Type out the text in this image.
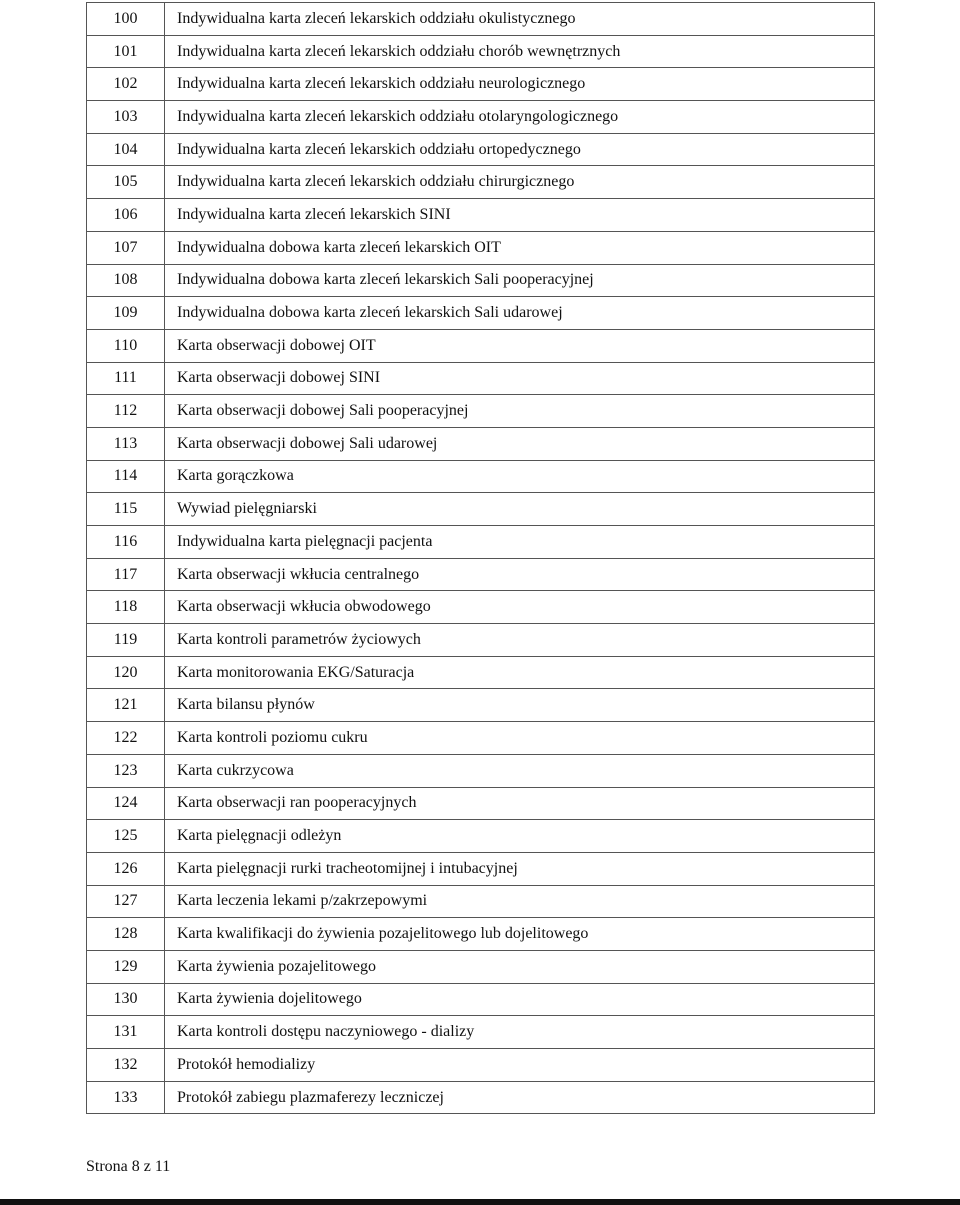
100	Indywidualna karta zleceń lekarskich oddziału okulistycznego
101	Indywidualna karta zleceń lekarskich oddziału chorób wewnętrznych
102	Indywidualna karta zleceń lekarskich oddziału neurologicznego
103	Indywidualna karta zleceń lekarskich oddziału otolaryngologicznego
104	Indywidualna karta zleceń lekarskich oddziału ortopedycznego
105	Indywidualna karta zleceń lekarskich oddziału chirurgicznego
106	Indywidualna karta zleceń lekarskich SINI
107	Indywidualna dobowa karta zleceń lekarskich OIT
108	Indywidualna dobowa karta zleceń lekarskich Sali pooperacyjnej
109	Indywidualna dobowa karta zleceń lekarskich Sali udarowej
110	Karta obserwacji dobowej OIT
111	Karta obserwacji dobowej SINI
112	Karta obserwacji dobowej Sali pooperacyjnej
113	Karta obserwacji dobowej Sali udarowej
114	Karta gorączkowa
115	Wywiad pielęgniarski
116	Indywidualna karta pielęgnacji pacjenta
117	Karta obserwacji wkłucia centralnego
118	Karta obserwacji wkłucia obwodowego
119	Karta kontroli parametrów życiowych
120	Karta monitorowania EKG/Saturacja
121	Karta bilansu płynów
122	Karta kontroli poziomu cukru
123	Karta cukrzycowa
124	Karta obserwacji ran pooperacyjnych
125	Karta pielęgnacji odleżyn
126	Karta pielęgnacji rurki tracheotomijnej i intubacyjnej
127	Karta leczenia lekami p/zakrzepowymi
128	Karta kwalifikacji do żywienia pozajelitowego lub dojelitowego
129	Karta żywienia pozajelitowego
130	Karta żywienia dojelitowego
131	Karta kontroli dostępu naczyniowego - dializy
132	Protokół hemodializy
133	Protokół zabiegu plazmaferezy leczniczej
Strona 8 z 11
